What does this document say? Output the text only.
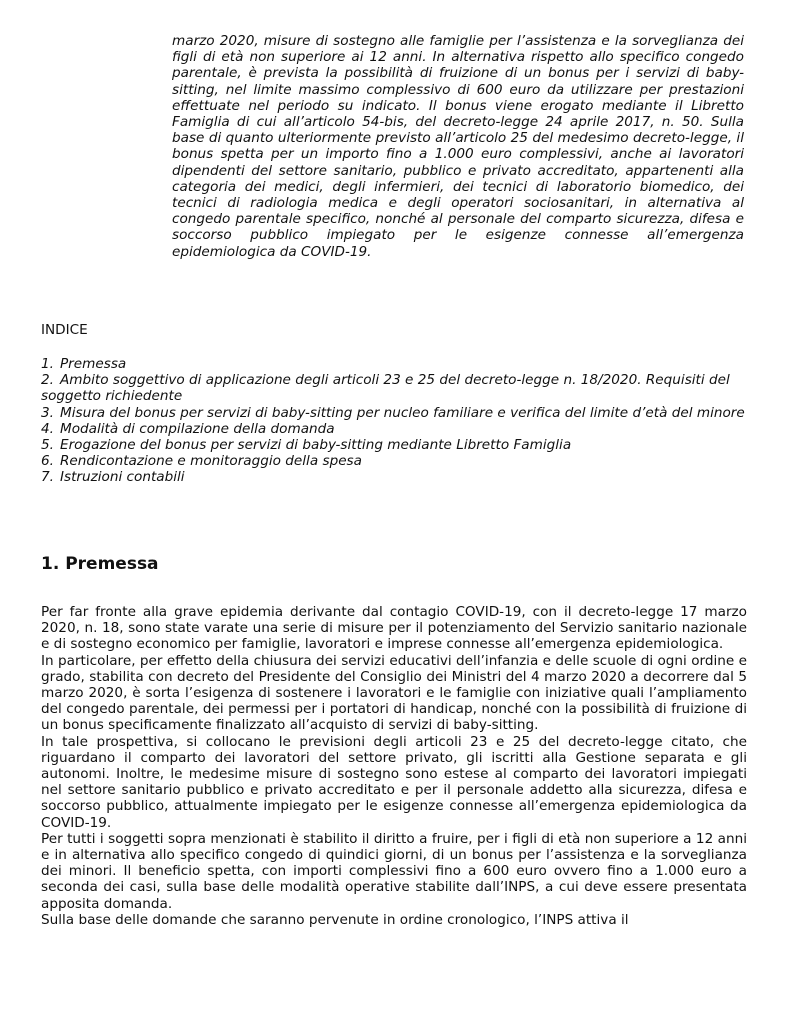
marzo 2020, misure di sostegno alle famiglie per l’assistenza e la sorveglianza dei figli di età non superiore ai 12 anni. In alternativa rispetto allo specifico congedo parentale, è prevista la possibilità di fruizione di un bonus per i servizi di baby-sitting, nel limite massimo complessivo di 600 euro da utilizzare per prestazioni effettuate nel periodo su indicato. Il bonus viene erogato mediante il Libretto Famiglia di cui all’articolo 54-bis, del decreto-legge 24 aprile 2017, n. 50. Sulla base di quanto ulteriormente previsto all’articolo 25 del medesimo decreto-legge, il bonus spetta per un importo fino a 1.000 euro complessivi, anche ai lavoratori dipendenti del settore sanitario, pubblico e privato accreditato, appartenenti alla categoria dei medici, degli infermieri, dei tecnici di laboratorio biomedico, dei tecnici di radiologia medica e degli operatori sociosanitari, in alternativa al congedo parentale specifico, nonché al personale del comparto sicurezza, difesa e soccorso pubblico impiegato per le esigenze connesse all’emergenza epidemiologica da COVID-19.

INDICE

1. Premessa
2. Ambito soggettivo di applicazione degli articoli 23 e 25 del decreto-legge n. 18/2020. Requisiti del soggetto richiedente
3. Misura del bonus per servizi di baby-sitting per nucleo familiare e verifica del limite d’età del minore
4. Modalità di compilazione della domanda
5. Erogazione del bonus per servizi di baby-sitting mediante Libretto Famiglia
6. Rendicontazione e monitoraggio della spesa
7. Istruzioni contabili
1. Premessa

Per far fronte alla grave epidemia derivante dal contagio COVID-19, con il decreto-legge 17 marzo 2020, n. 18, sono state varate una serie di misure per il potenziamento del Servizio sanitario nazionale e di sostegno economico per famiglie, lavoratori e imprese connesse all’emergenza epidemiologica.

In particolare, per effetto della chiusura dei servizi educativi dell’infanzia e delle scuole di ogni ordine e grado, stabilita con decreto del Presidente del Consiglio dei Ministri del 4 marzo 2020 a decorrere dal 5 marzo 2020, è sorta l’esigenza di sostenere i lavoratori e le famiglie con iniziative quali l’ampliamento del congedo parentale, dei permessi per i portatori di handicap, nonché con la possibilità di fruizione di un bonus specificamente finalizzato all’acquisto di servizi di baby-sitting.

In tale prospettiva, si collocano le previsioni degli articoli 23 e 25 del decreto-legge citato, che riguardano il comparto dei lavoratori del settore privato, gli iscritti alla Gestione separata e gli autonomi. Inoltre, le medesime misure di sostegno sono estese al comparto dei lavoratori impiegati nel settore sanitario pubblico e privato accreditato e per il personale addetto alla sicurezza, difesa e soccorso pubblico, attualmente impiegato per le esigenze connesse all’emergenza epidemiologica da COVID-19.

Per tutti i soggetti sopra menzionati è stabilito il diritto a fruire, per i figli di età non superiore a 12 anni e in alternativa allo specifico congedo di quindici giorni, di un bonus per l’assistenza e la sorveglianza dei minori. Il beneficio spetta, con importi complessivi fino a 600 euro ovvero fino a 1.000 euro a seconda dei casi, sulla base delle modalità operative stabilite dall’INPS, a cui deve essere presentata apposita domanda.

Sulla base delle domande che saranno pervenute in ordine cronologico, l’INPS attiva il
